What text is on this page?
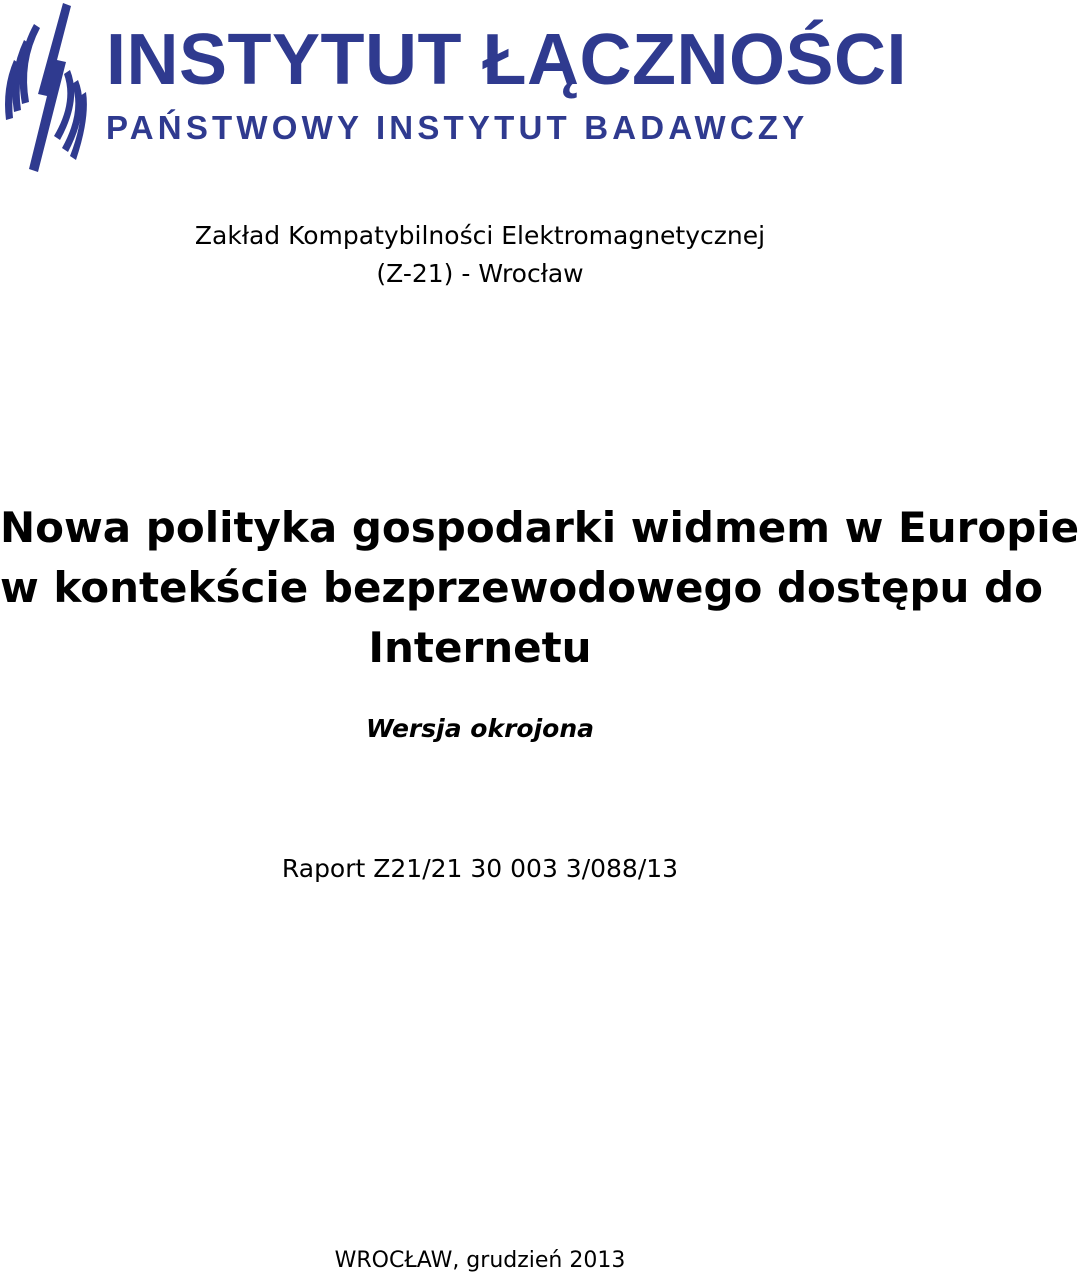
INSTYTUT ŁĄCZNOŚCI
PAŃSTWOWY INSTYTUT BADAWCZY
Zakład Kompatybilności Elektromagnetycznej
(Z-21) - Wrocław
Nowa polityka gospodarki widmem w Europie
w kontekście bezprzewodowego dostępu do
Internetu
Wersja okrojona
Raport Z21/21 30 003 3/088/13
WROCŁAW, grudzień 2013
